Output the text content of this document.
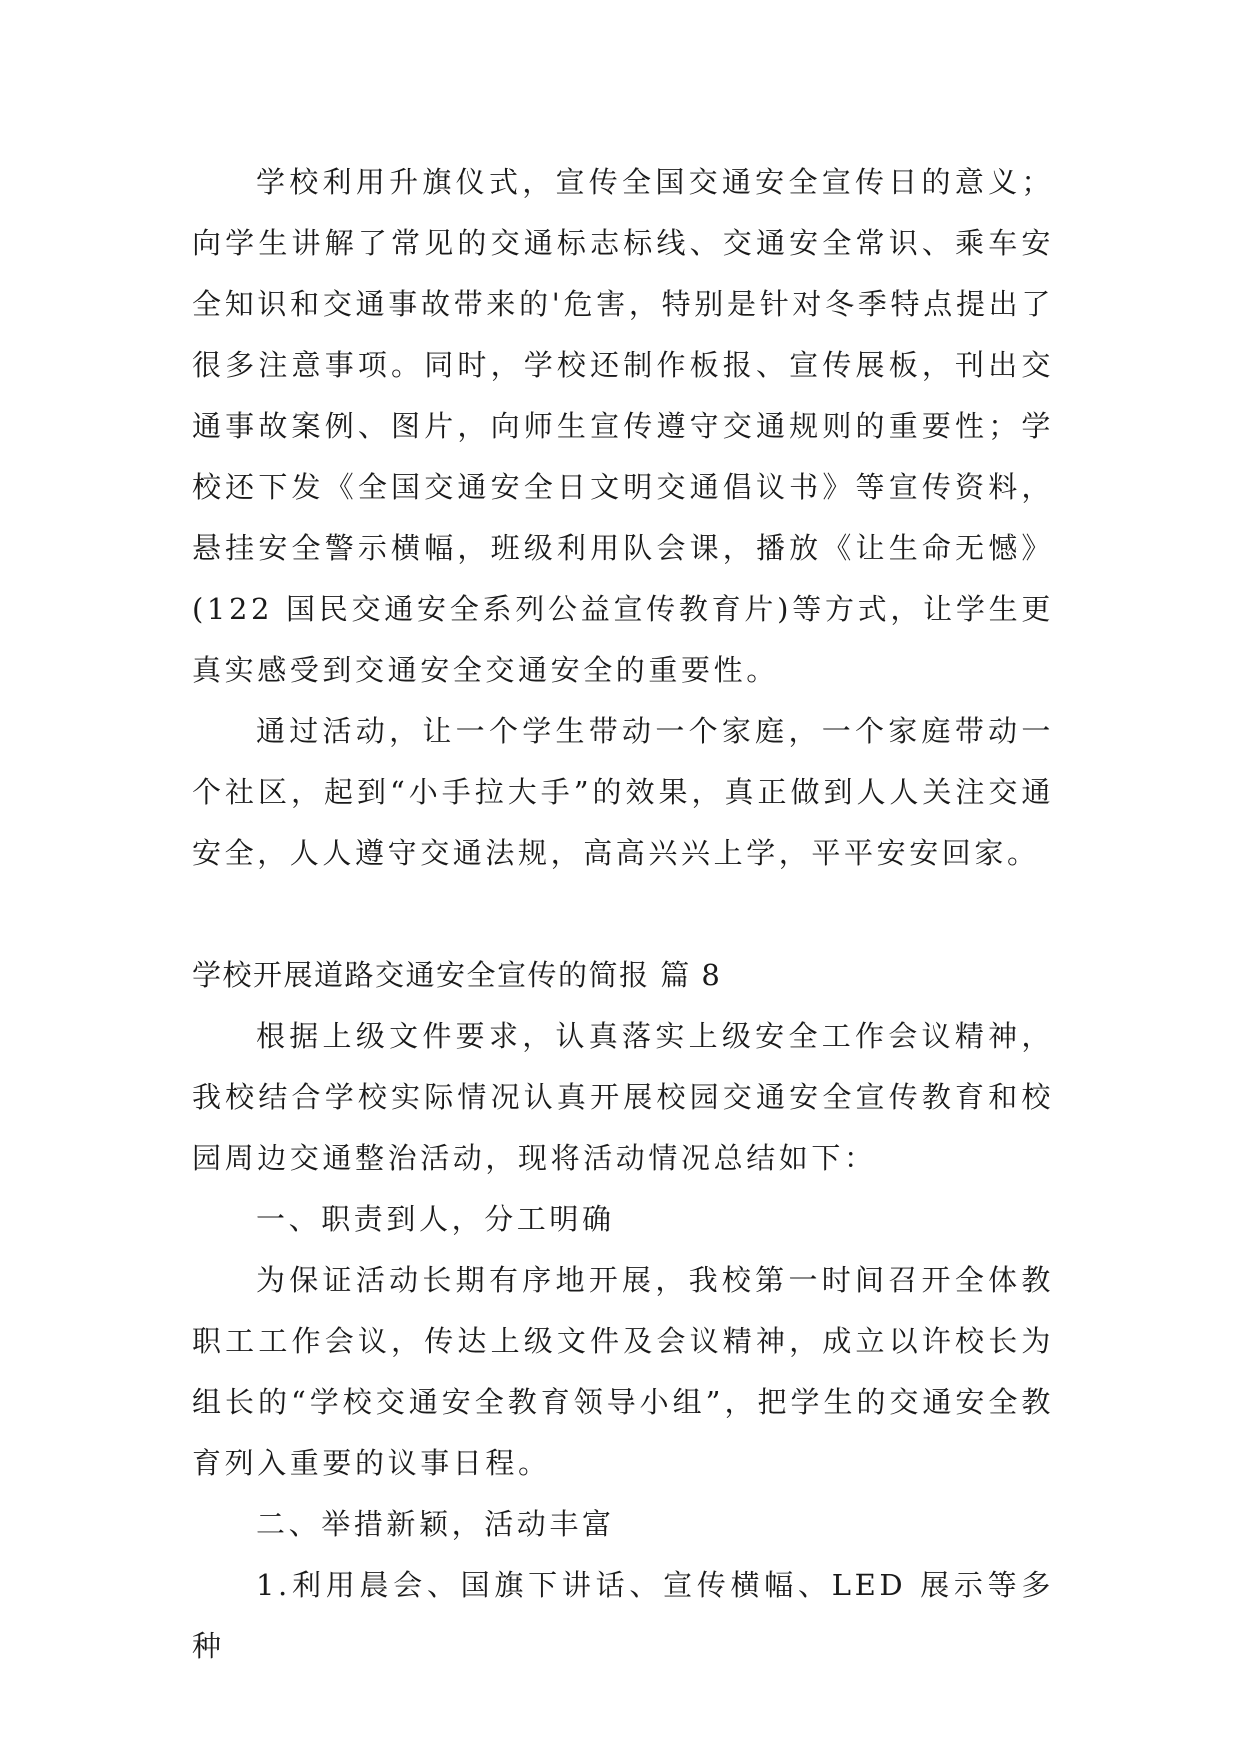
学校利用升旗仪式，宣传全国交通安全宣传日的意义；向学生讲解了常见的交通标志标线、交通安全常识、乘车安全知识和交通事故带来的'危害，特别是针对冬季特点提出了很多注意事项。同时，学校还制作板报、宣传展板，刊出交通事故案例、图片，向师生宣传遵守交通规则的重要性；学校还下发《全国交通安全日文明交通倡议书》等宣传资料，悬挂安全警示横幅，班级利用队会课，播放《让生命无憾》(122 国民交通安全系列公益宣传教育片)等方式，让学生更真实感受到交通安全交通安全的重要性。

通过活动，让一个学生带动一个家庭，一个家庭带动一个社区，起到“小手拉大手”的效果，真正做到人人关注交通安全，人人遵守交通法规，高高兴兴上学，平平安安回家。

学校开展道路交通安全宣传的简报 篇 8

根据上级文件要求，认真落实上级安全工作会议精神，我校结合学校实际情况认真开展校园交通安全宣传教育和校园周边交通整治活动，现将活动情况总结如下：

一、职责到人，分工明确

为保证活动长期有序地开展，我校第一时间召开全体教职工工作会议，传达上级文件及会议精神，成立以许校长为组长的“学校交通安全教育领导小组”，把学生的交通安全教育列入重要的议事日程。

二、举措新颖，活动丰富

1.利用晨会、国旗下讲话、宣传横幅、LED 展示等多种
